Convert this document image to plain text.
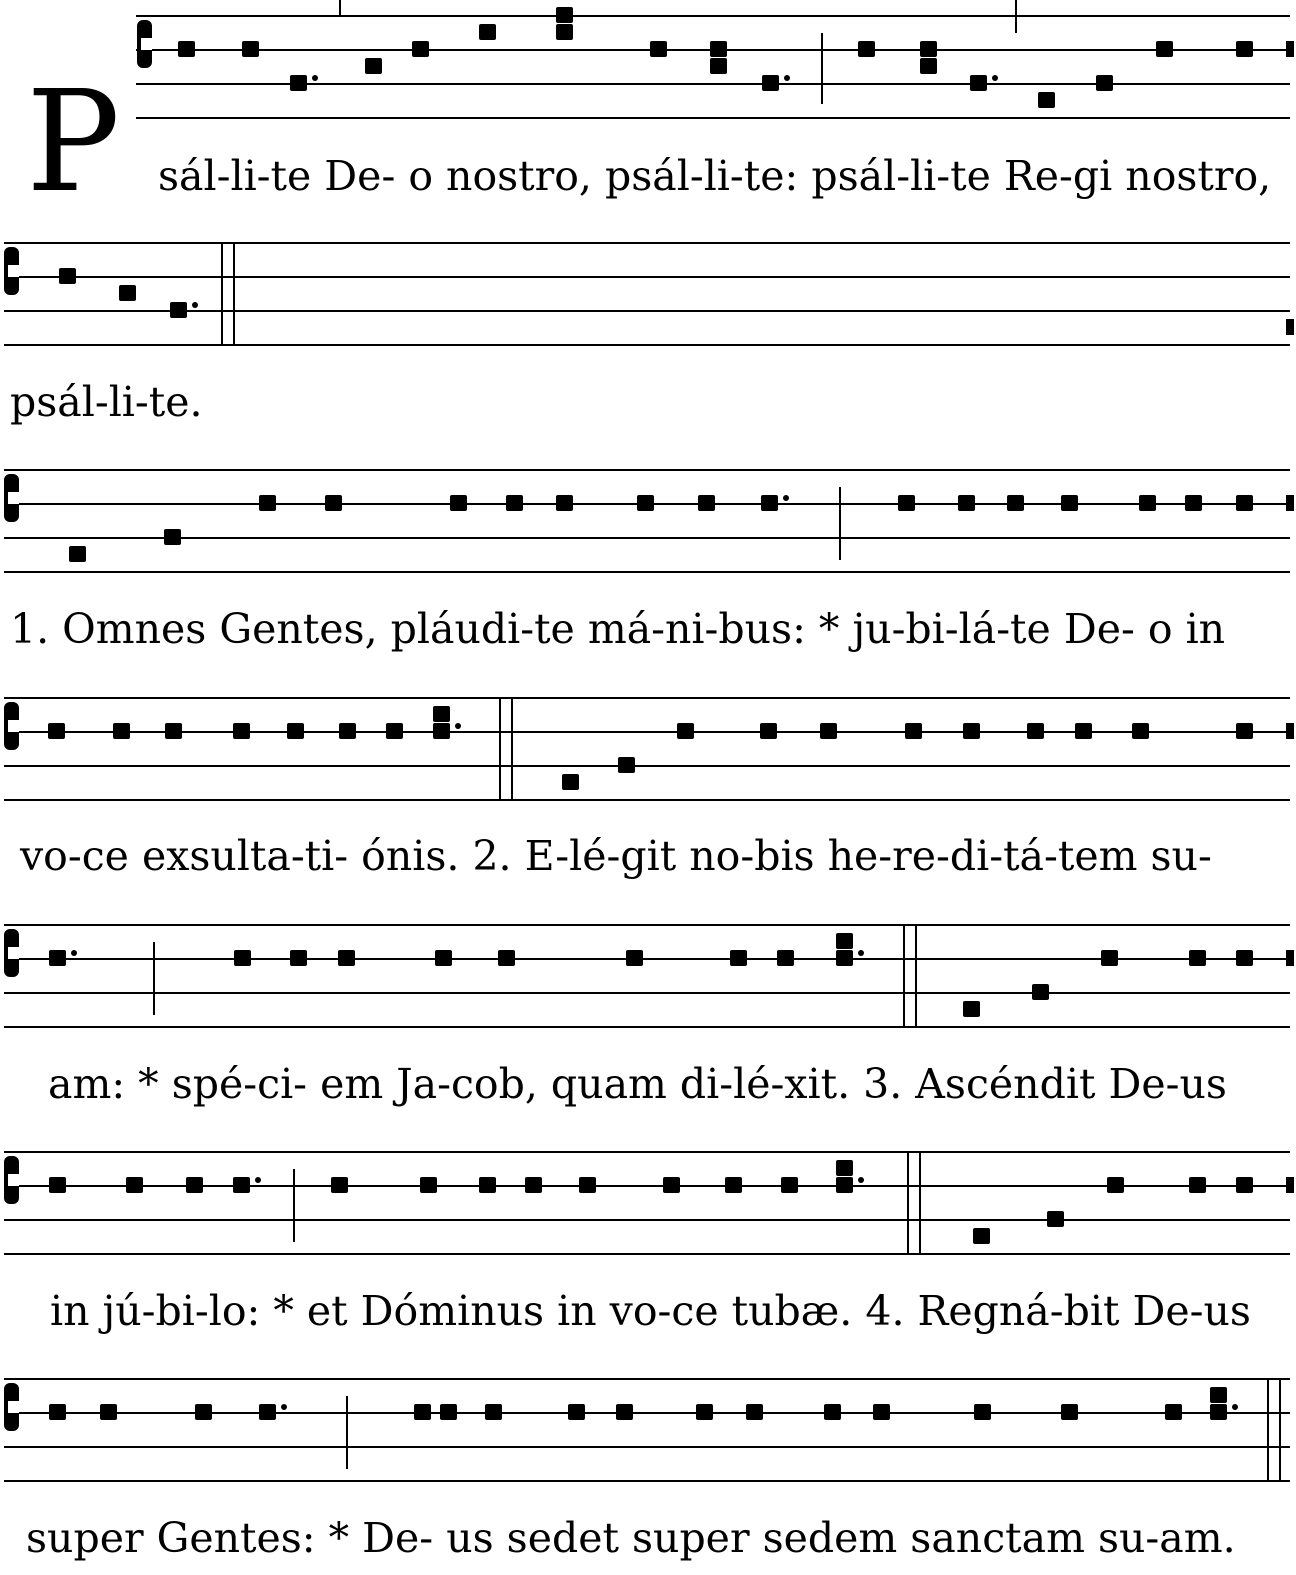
P sál-li-te De- o nostro, psál-li-te: psál-li-te Re-gi nostro,
psál-li-te.
1. Omnes Gentes, pláudi-te má-ni-bus: * ju-bi-lá-te De- o in
vo-ce exsulta-ti- ónis. 2. E-lé-git no-bis he-re-di-tá-tem su-
am: * spé-ci- em Ja-cob, quam di-lé-xit. 3. Ascéndit De-us
in jú-bi-lo: * et Dóminus in vo-ce tubæ. 4. Regná-bit De-us
super Gentes: * De- us sedet super sedem sanctam su-am.
